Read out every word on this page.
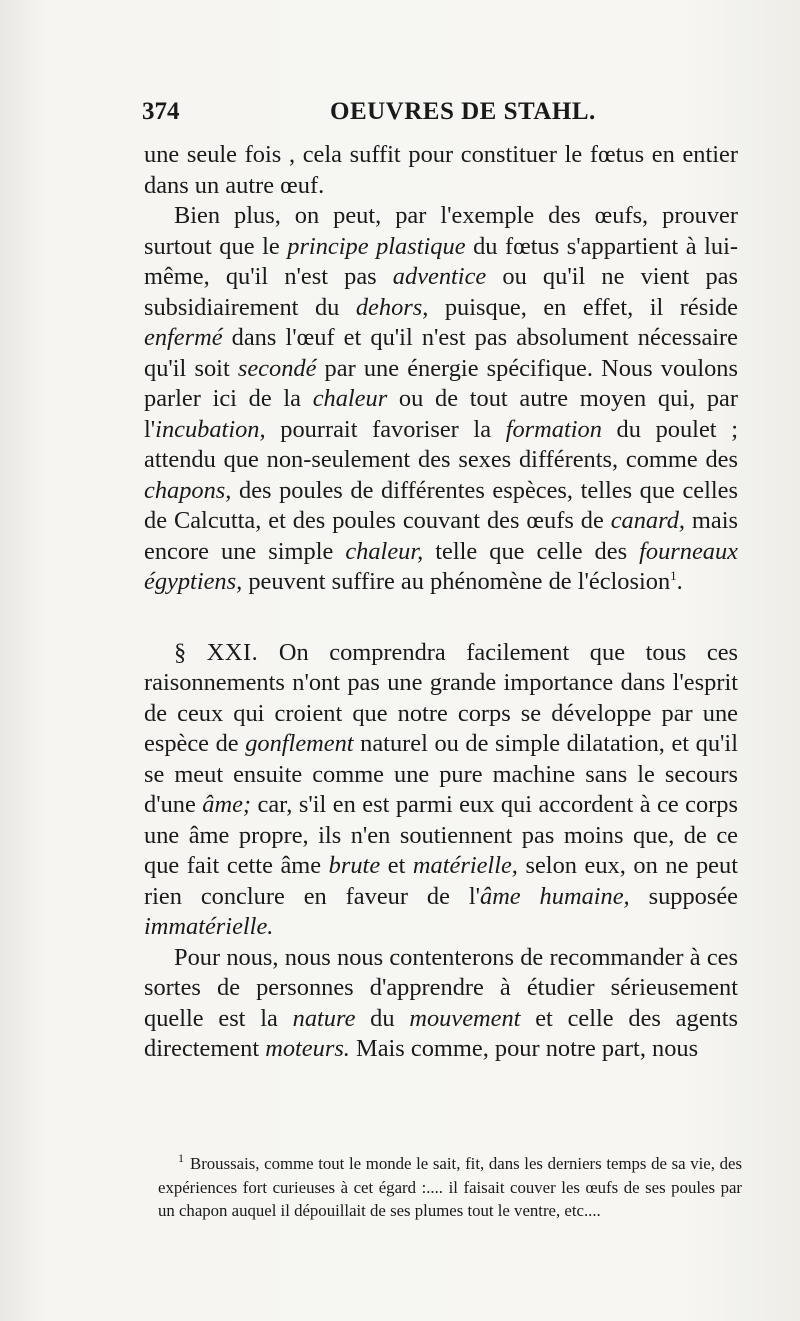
374	OEUVRES DE STAHL.

une seule fois , cela suffit pour constituer le fœtus en entier dans un autre œuf.

Bien plus, on peut, par l'exemple des œufs, prouver surtout que le principe plastique du fœtus s'appartient à lui-même, qu'il n'est pas adventice ou qu'il ne vient pas subsidiairement du dehors, puisque, en effet, il réside enfermé dans l'œuf et qu'il n'est pas absolument nécessaire qu'il soit secondé par une énergie spécifique. Nous voulons parler ici de la chaleur ou de tout autre moyen qui, par l'incubation, pourrait favoriser la formation du poulet ; attendu que non-seulement des sexes différents, comme des chapons, des poules de différentes espèces, telles que celles de Calcutta, et des poules couvant des œufs de canard, mais encore une simple chaleur, telle que celle des fourneaux égyptiens, peuvent suffire au phénomène de l'éclosion$^1$.

§ XXI. On comprendra facilement que tous ces raisonnements n'ont pas une grande importance dans l'esprit de ceux qui croient que notre corps se développe par une espèce de gonflement naturel ou de simple dilatation, et qu'il se meut ensuite comme une pure machine sans le secours d'une âme; car, s'il en est parmi eux qui accordent à ce corps une âme propre, ils n'en soutiennent pas moins que, de ce que fait cette âme brute et matérielle, selon eux, on ne peut rien conclure en faveur de l'âme humaine, supposée immatérielle.

Pour nous, nous nous contenterons de recommander à ces sortes de personnes d'apprendre à étudier sérieusement quelle est la nature du mouvement et celle des agents directement moteurs. Mais comme, pour notre part, nous

$^1$ Broussais, comme tout le monde le sait, fit, dans les derniers temps de sa vie, des expériences fort curieuses à cet égard :.... il faisait couver les œufs de ses poules par un chapon auquel il dépouillait de ses plumes tout le ventre, etc....
